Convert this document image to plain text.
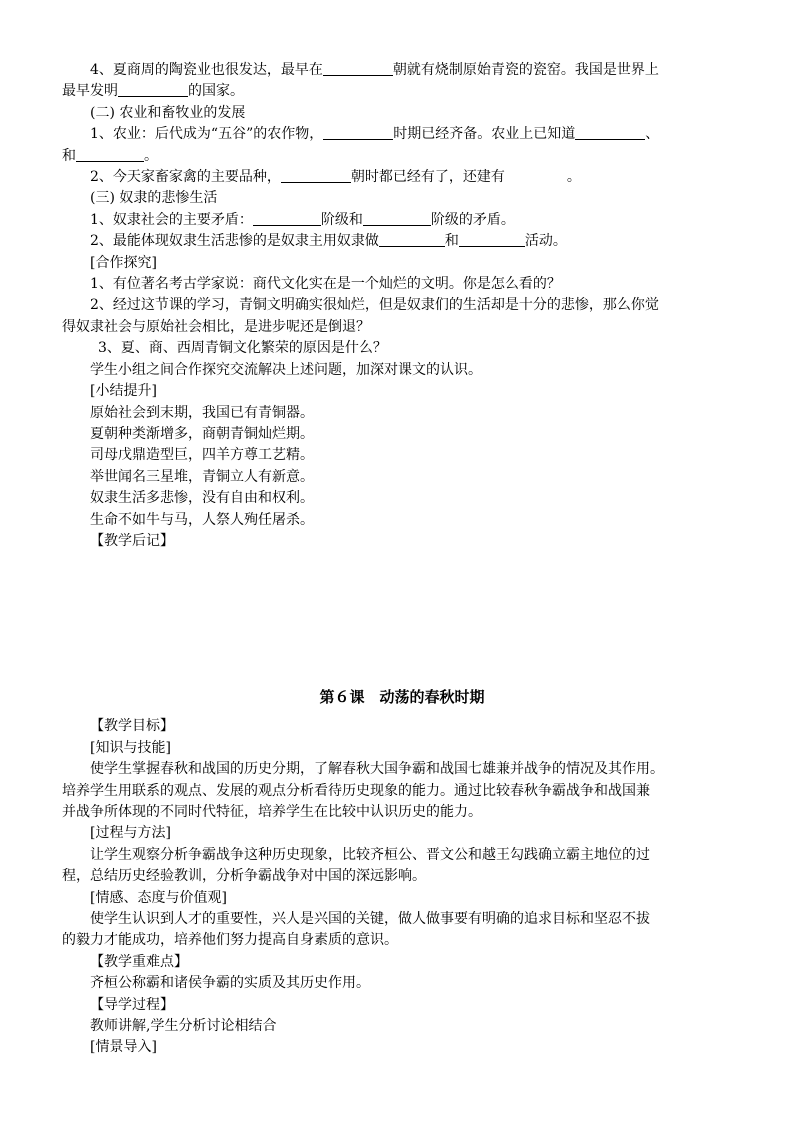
4、夏商周的陶瓷业也很发达，最早在	朝就有烧制原始青瓷的瓷窑。我国是世界上
最早发明	的国家。
(二) 农业和畜牧业的发展
1、农业：后代成为“五谷”的农作物，	时期已经齐备。农业上已知道	、
和	。
2、今天家畜家禽的主要品种，	朝时都已经有了，还建有	。
(三) 奴隶的悲惨生活
1、奴隶社会的主要矛盾：	阶级和	阶级的矛盾。
2、最能体现奴隶生活悲惨的是奴隶主用奴隶做	和	活动。
[合作探究]
1、有位著名考古学家说：商代文化实在是一个灿烂的文明。你是怎么看的？
2、经过这节课的学习，青铜文明确实很灿烂，但是奴隶们的生活却是十分的悲惨，那么你觉
得奴隶社会与原始社会相比，是进步呢还是倒退？
3、夏、商、西周青铜文化繁荣的原因是什么？
学生小组之间合作探究交流解决上述问题，加深对课文的认识。
[小结提升]
原始社会到末期，我国已有青铜器。
夏朝种类渐增多，商朝青铜灿烂期。
司母戊鼎造型巨，四羊方尊工艺精。
举世闻名三星堆，青铜立人有新意。
奴隶生活多悲惨，没有自由和权利。
生命不如牛与马，人祭人殉任屠杀。
【教学后记】
第６课　动荡的春秋时期
【教学目标】
[知识与技能]
使学生掌握春秋和战国的历史分期，了解春秋大国争霸和战国七雄兼并战争的情况及其作用。
培养学生用联系的观点、发展的观点分析看待历史现象的能力。通过比较春秋争霸战争和战国兼
并战争所体现的不同时代特征，培养学生在比较中认识历史的能力。
[过程与方法]
让学生观察分析争霸战争这种历史现象，比较齐桓公、晋文公和越王勾践确立霸主地位的过
程，总结历史经验教训，分析争霸战争对中国的深远影响。
[情感、态度与价值观]
使学生认识到人才的重要性，兴人是兴国的关键，做人做事要有明确的追求目标和坚忍不拔
的毅力才能成功，培养他们努力提高自身素质的意识。
【教学重难点】
齐桓公称霸和诸侯争霸的实质及其历史作用。
【导学过程】
教师讲解,学生分析讨论相结合
[情景导入]
